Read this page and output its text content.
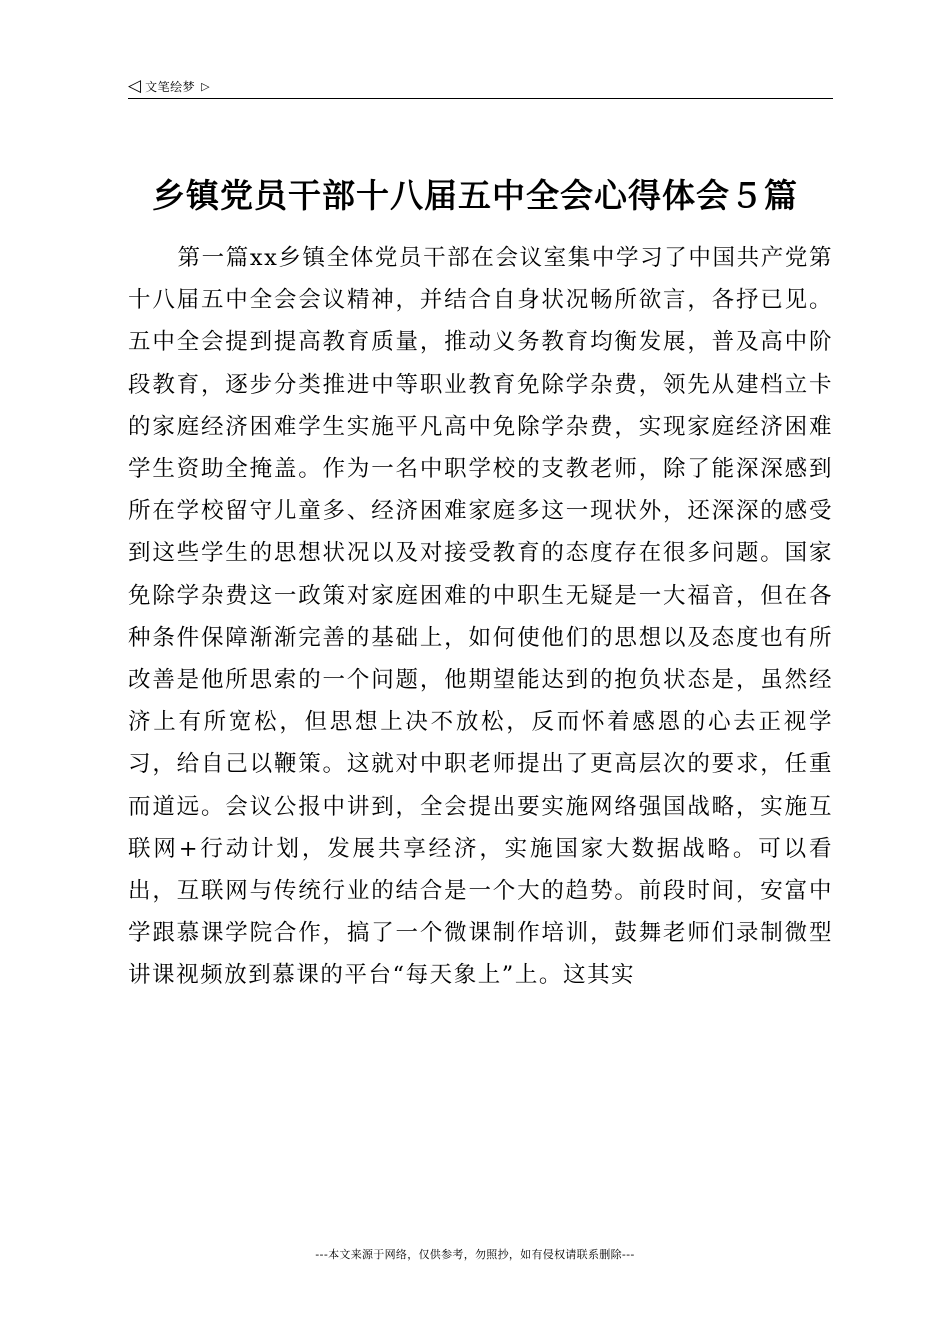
◁ 文笔绘梦 ▷
乡镇党员干部十八届五中全会心得体会５篇

第一篇xx乡镇全体党员干部在会议室集中学习了中国共产党第十八届五中全会会议精神，并结合自身状况畅所欲言，各抒已见。五中全会提到提高教育质量，推动义务教育均衡发展，普及高中阶段教育，逐步分类推进中等职业教育免除学杂费，领先从建档立卡的家庭经济困难学生实施平凡高中免除学杂费，实现家庭经济困难学生资助全掩盖。作为一名中职学校的支教老师，除了能深深感到所在学校留守儿童多、经济困难家庭多这一现状外，还深深的感受到这些学生的思想状况以及对接受教育的态度存在很多问题。国家免除学杂费这一政策对家庭困难的中职生无疑是一大福音，但在各种条件保障渐渐完善的基础上，如何使他们的思想以及态度也有所改善是他所思索的一个问题，他期望能达到的抱负状态是，虽然经济上有所宽松，但思想上决不放松，反而怀着感恩的心去正视学习，给自己以鞭策。这就对中职老师提出了更高层次的要求，任重而道远。会议公报中讲到，全会提出要实施网络强国战略，实施互联网+行动计划，发展共享经济，实施国家大数据战略。可以看出，互联网与传统行业的结合是一个大的趋势。前段时间，安富中学跟慕课学院合作，搞了一个微课制作培训，鼓舞老师们录制微型讲课视频放到慕课的平台“每天象上”上。这其实

---本文来源于网络，仅供参考，勿照抄，如有侵权请联系删除---
